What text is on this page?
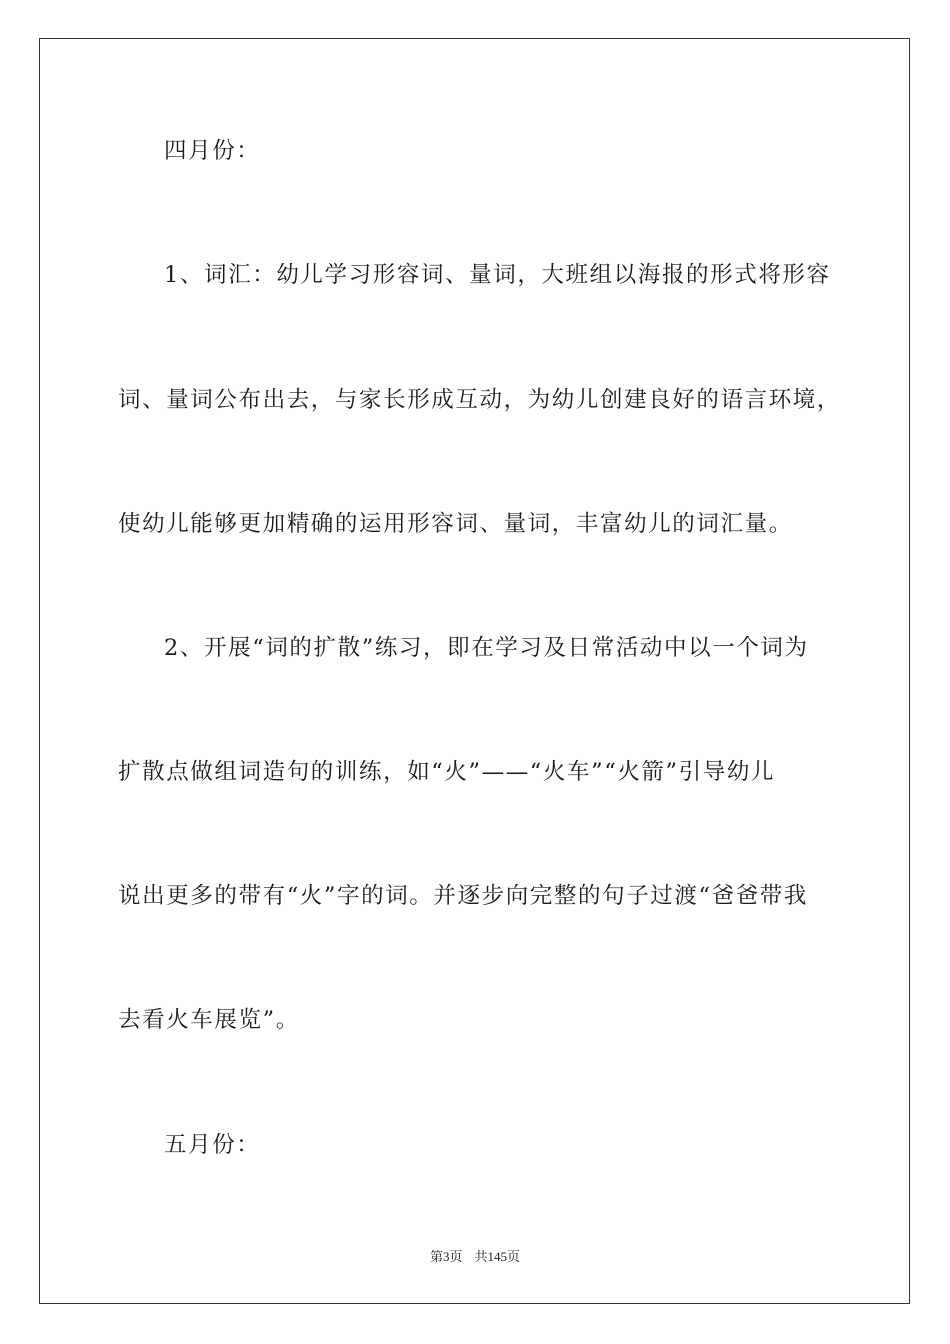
四月份：
1、词汇：幼儿学习形容词、量词，大班组以海报的形式将形容
词、量词公布出去，与家长形成互动，为幼儿创建良好的语言环境，
使幼儿能够更加精确的运用形容词、量词，丰富幼儿的词汇量。
2、开展“词的扩散”练习，即在学习及日常活动中以一个词为
扩散点做组词造句的训练，如“火”——“火车”“火箭”引导幼儿
说出更多的带有“火”字的词。并逐步向完整的句子过渡“爸爸带我
去看火车展览”。
五月份：
第3页 共145页
